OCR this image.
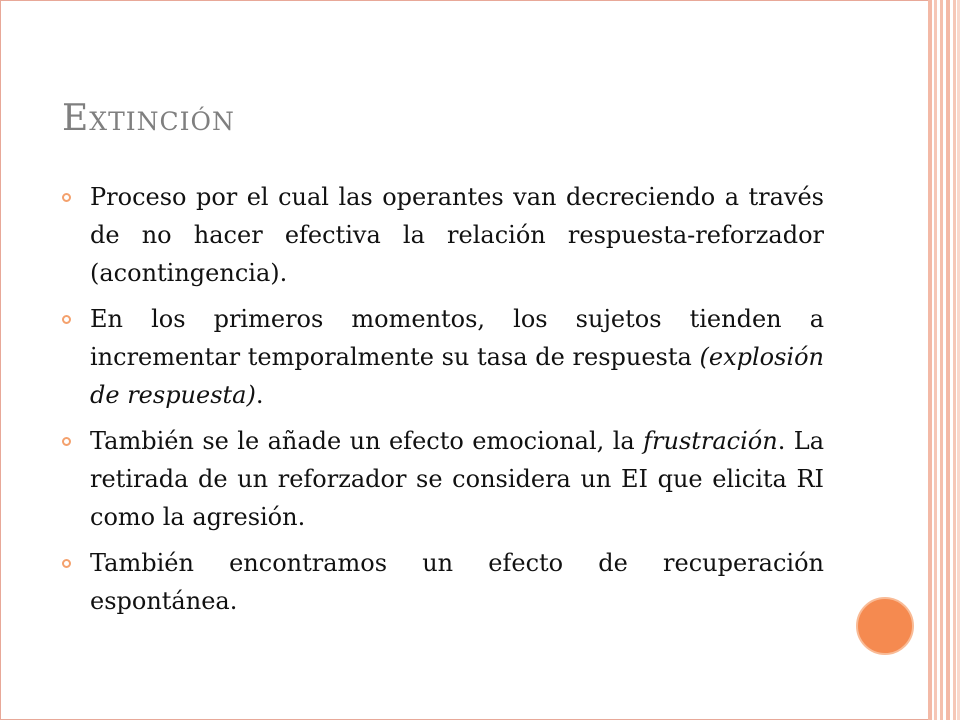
Extinción
Proceso por el cual las operantes van decreciendo a través de no hacer efectiva la relación respuesta-reforzador (acontingencia).
En los primeros momentos, los sujetos tienden a incrementar temporalmente su tasa de respuesta (explosión de respuesta).
También se le añade un efecto emocional, la frustración. La retirada de un reforzador se considera un EI que elicita RI como la agresión.
También encontramos un efecto de recuperación espontánea.
